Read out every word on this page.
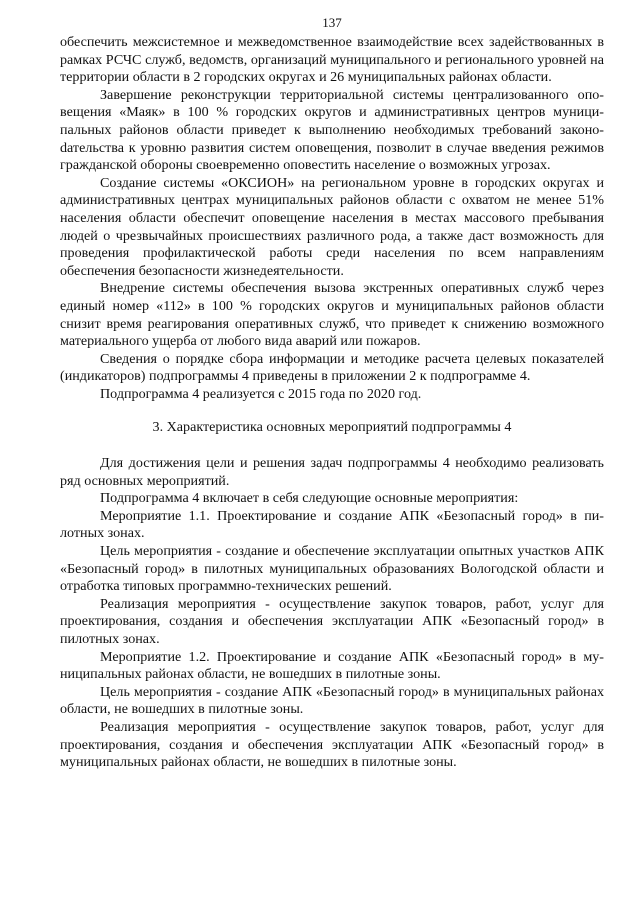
137

обеспечить межсистемное и межведомственное взаимодействие всех задействованных в рамках РСЧС служб, ведомств, организаций муниципального и регионального уровней на территории области в 2 городских округах и 26 муниципальных районах области.

Завершение реконструкции территориальной системы централизованного оповещения «Маяк» в 100 % городских округов и административных центров муниципальных районов области приведет к выполнению необходимых требований законоdательства к уровню развития систем оповещения, позволит в случае введения режимов гражданской обороны своевременно оповестить население о возможных угрозах.

Создание системы «ОКСИОН» на региональном уровне в городских округах и административных центрах муниципальных районов области с охватом не менее 51% населения области обеспечит оповещение населения в местах массового пребывания людей о чрезвычайных происшествиях различного рода, а также даст возможность для проведения профилактической работы среди населения по всем направлениям обеспечения безопасности жизнедеятельности.

Внедрение системы обеспечения вызова экстренных оперативных служб через единый номер «112» в 100 % городских округов и муниципальных районов области снизит время реагирования оперативных служб, что приведет к снижению возможного материального ущерба от любого вида аварий или пожаров.

Сведения о порядке сбора информации и методике расчета целевых показателей (индикаторов) подпрограммы 4 приведены в приложении 2 к подпрограмме 4.

Подпрограмма 4 реализуется с 2015 года по 2020 год.

3. Характеристика основных мероприятий подпрограммы 4

Для достижения цели и решения задач подпрограммы 4 необходимо реализовать ряд основных мероприятий.

Подпрограмма 4 включает в себя следующие основные мероприятия:

Мероприятие 1.1. Проектирование и создание АПК «Безопасный город» в пилотных зонах.

Цель мероприятия - создание и обеспечение эксплуатации опытных участков АПК «Безопасный город» в пилотных муниципальных образованиях Вологодской области и отработка типовых программно-технических решений.

Реализация мероприятия - осуществление закупок товаров, работ, услуг для проектирования, создания и обеспечения эксплуатации АПК «Безопасный город» в пилотных зонах.

Мероприятие 1.2. Проектирование и создание АПК «Безопасный город» в муниципальных районах области, не вошедших в пилотные зоны.

Цель мероприятия - создание АПК «Безопасный город» в муниципальных районах области, не вошедших в пилотные зоны.

Реализация мероприятия - осуществление закупок товаров, работ, услуг для проектирования, создания и обеспечения эксплуатации АПК «Безопасный город» в муниципальных районах области, не вошедших в пилотные зоны.
